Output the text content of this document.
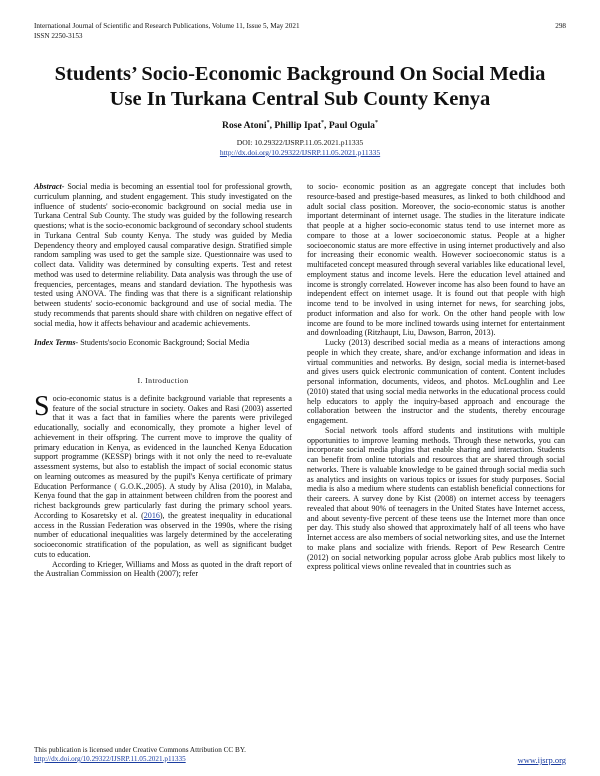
International Journal of Scientific and Research Publications, Volume 11, Issue 5, May 2021
ISSN 2250-3153
298
Students’ Socio-Economic Background On Social Media
Use In Turkana Central Sub County Kenya
Rose Atoni*, Phillip Ipat*, Paul Ogula*
DOI: 10.29322/IJSRP.11.05.2021.p11335
http://dx.doi.org/10.29322/IJSRP.11.05.2021.p11335

Abstract- Social media is becoming an essential tool for professional growth, curriculum planning, and student engagement. This study investigated on the influence of students' socio-economic background on social media use in Turkana Central Sub County. The study was guided by the following research questions; what is the socio-economic background of secondary school students in Turkana Central Sub county Kenya. The study was guided by Media Dependency theory and employed causal comparative design. Stratified simple random sampling was used to get the sample size. Questionnaire was used to collect data. Validity was determined by consulting experts. Test and retest method was used to determine reliability. Data analysis was through the use of frequencies, percentages, means and standard deviation. The hypothesis was tested using ANOVA. The finding was that there is a significant relationship between students' socio-economic background and use of social media. The study recommends that parents should share with children on negative effect of social media, how it affects behaviour and academic achievements.

Index Terms- Students'socio Economic Background; Social Media

I. Introduction

Socio-economic status is a definite background variable that represents a feature of the social structure in society. Oakes and Rasi (2003) asserted that it was a fact that in families where the parents were privileged educationally, socially and economically, they promote a higher level of achievement in their offspring. The current move to improve the quality of primary education in Kenya, as evidenced in the launched Kenya Education support programme (KESSP) brings with it not only the need to re-evaluate assessment systems, but also to establish the impact of social economic status on learning outcomes as measured by the pupil's Kenya certificate of primary Education Performance ( G.O.K.,2005). A study by Alisa (2010), in Malaba, Kenya found that the gap in attainment between children from the poorest and richest backgrounds grew particularly fast during the primary school years. According to Kosaretsky et al. (2016), the greatest inequality in educational access in the Russian Federation was observed in the 1990s, where the rising number of educational inequalities was largely determined by the accelerating socioeconomic stratification of the population, as well as significant budget cuts to education.

According to Krieger, Williams and Moss as quoted in the draft report of the Australian Commission on Health (2007); refer

to socio- economic position as an aggregate concept that includes both resource-based and prestige-based measures, as linked to both childhood and adult social class position. Moreover, the socio-economic status is another important determinant of internet usage. The studies in the literature indicate that people at a higher socio-economic status tend to use internet more as compare to those at a lower socioeconomic status. People at a higher socioeconomic status are more effective in using internet productively and also for increasing their economic wealth. However socioeconomic status is a multifaceted concept measured through several variables like educational level, employment status and income levels. Here the education level attained and income is strongly correlated. However income has also been found to have an independent effect on internet usage. It is found out that people with high income tend to be involved in using internet for news, for searching jobs, product information and also for work. On the other hand people with low income are found to be more inclined towards using internet for entertainment and downloading (Ritzhaupt, Liu, Dawson, Barron, 2013).

Lucky (2013) described social media as a means of interactions among people in which they create, share, and/or exchange information and ideas in virtual communities and networks. By design, social media is internet-based and gives users quick electronic communication of content. Content includes personal information, documents, videos, and photos. McLoughlin and Lee (2010) stated that using social media networks in the educational process could help educators to apply the inquiry-based approach and encourage the collaboration between the instructor and the students, thereby encourage engagement.

Social network tools afford students and institutions with multiple opportunities to improve learning methods. Through these networks, you can incorporate social media plugins that enable sharing and interaction. Students can benefit from online tutorials and resources that are shared through social networks. There is valuable knowledge to be gained through social media such as analytics and insights on various topics or issues for study purposes. Social media is also a medium where students can establish beneficial connections for their careers. A survey done by Kist (2008) on internet access by teenagers revealed that about 90% of teenagers in the United States have Internet access, and about seventy-five percent of these teens use the Internet more than once per day. This study also showed that approximately half of all teens who have Internet access are also members of social networking sites, and use the Internet to make plans and socialize with friends. Report of Pew Research Centre (2012) on social networking popular across globe Arab publics most likely to express political views online revealed that in countries such as

This publication is licensed under Creative Commons Attribution CC BY.
http://dx.doi.org/10.29322/IJSRP.11.05.2021.p11335	www.ijsrp.org
